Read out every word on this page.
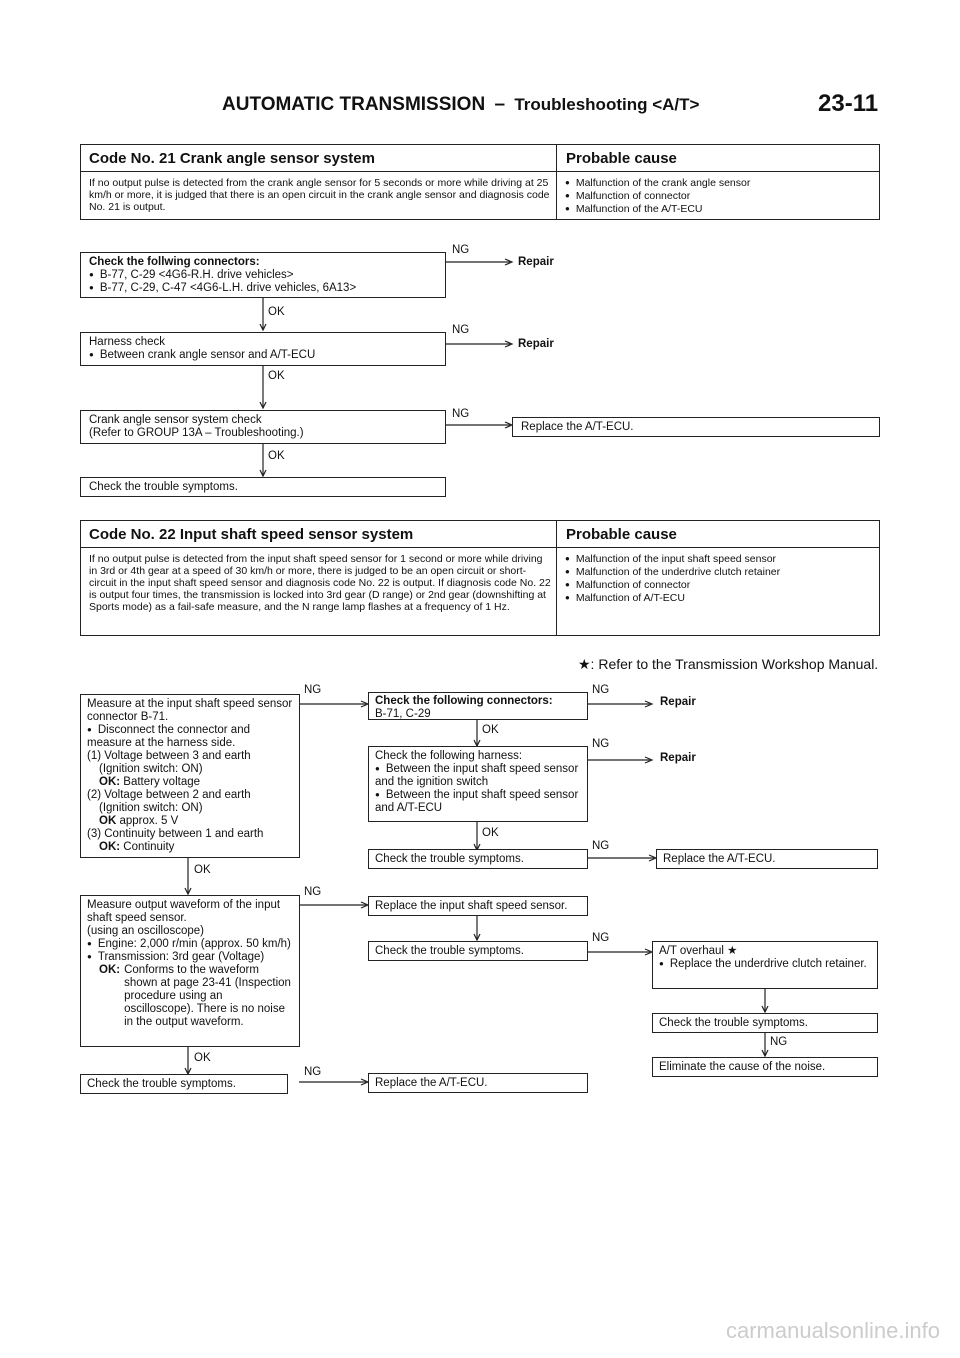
AUTOMATIC TRANSMISSION – Troubleshooting <A/T>	23-11
Code No. 21 Crank angle sensor system	Probable cause
If no output pulse is detected from the crank angle sensor for 5 seconds or more while driving at 25 km/h or more, it is judged that there is an open circuit in the crank angle sensor and diagnosis code No. 21 is output.
● Malfunction of the crank angle sensor
● Malfunction of connector
● Malfunction of the A/T-ECU
Check the follwing connectors:
● B-77, C-29 <4G6-R.H. drive vehicles>
● B-77, C-29, C-47 <4G6-L.H. drive vehicles, 6A13>
NG
Repair
OK
Harness check
● Between crank angle sensor and A/T-ECU
NG
Repair
OK
Crank angle sensor system check
(Refer to GROUP 13A – Troubleshooting.)
NG
Replace the A/T-ECU.
OK
Check the trouble symptoms.
Code No. 22 Input shaft speed sensor system	Probable cause
If no output pulse is detected from the input shaft speed sensor for 1 second or more while driving in 3rd or 4th gear at a speed of 30 km/h or more, there is judged to be an open circuit or short-circuit in the input shaft speed sensor and diagnosis code No. 22 is output. If diagnosis code No. 22 is output four times, the transmission is locked into 3rd gear (D range) or 2nd gear (downshifting at Sports mode) as a fail-safe measure, and the N range lamp flashes at a frequency of 1 Hz.
● Malfunction of the input shaft speed sensor
● Malfunction of the underdrive clutch retainer
● Malfunction of connector
● Malfunction of A/T-ECU
★: Refer to the Transmission Workshop Manual.
Measure at the input shaft speed sensor connector B-71.
● Disconnect the connector and measure at the harness side.
(1) Voltage between 3 and earth
(Ignition switch: ON)
OK: Battery voltage
(2) Voltage between 2 and earth
(Ignition switch: ON)
OK approx. 5 V
(3) Continuity between 1 and earth
OK: Continuity
NG
OK
Measure output waveform of the input shaft speed sensor.
(using an oscilloscope)
● Engine: 2,000 r/min (approx. 50 km/h)
● Transmission: 3rd gear (Voltage)
OK: Conforms to the waveform shown at page 23-41 (Inspection procedure using an oscilloscope). There is no noise in the output waveform.
NG
OK
Check the trouble symptoms.
NG
Check the following connectors:
B-71, C-29
NG
Repair
OK
Check the following harness:
● Between the input shaft speed sensor and the ignition switch
● Between the input shaft speed sensor and A/T-ECU
NG
Repair
OK
Check the trouble symptoms.
NG
Replace the A/T-ECU.
Replace the input shaft speed sensor.
Check the trouble symptoms.
NG
Replace the A/T-ECU.
A/T overhaul ★
● Replace the underdrive clutch retainer.
Check the trouble symptoms.
NG
Eliminate the cause of the noise.
carmanualsonline.info
